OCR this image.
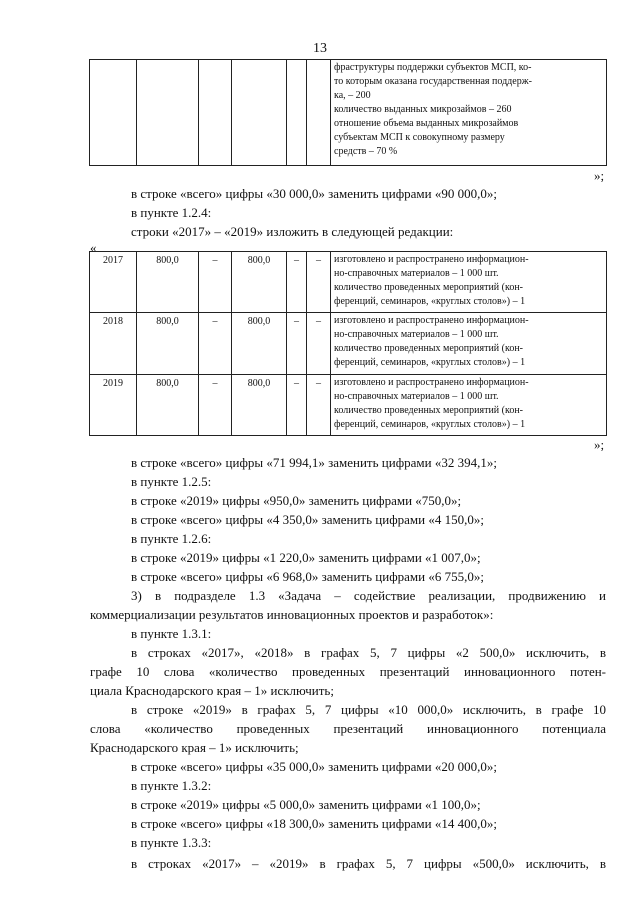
13

фраструктуры поддержки субъектов МСП, ко-
то которым оказана государственная поддерж-
ка, – 200
количество выданных микрозаймов – 260
отношение объема выданных микрозаймов
субъектам МСП к совокупному размеру
средств – 70 %
»;
в строке «всего» цифры «30 000,0» заменить цифрами «90 000,0»;
в пункте 1.2.4:
строки «2017» – «2019» изложить в следующей редакции:
«
2017	800,0	–	800,0	–	–	изготовлено и распространено информацион-
но-справочных материалов – 1 000 шт.
количество проведенных мероприятий (кон-
ференций, семинаров, «круглых столов») – 1

2018	800,0	–	800,0	–	–	изготовлено и распространено информацион-
но-справочных материалов – 1 000 шт.
количество проведенных мероприятий (кон-
ференций, семинаров, «круглых столов») – 1

2019	800,0	–	800,0	–	–	изготовлено и распространено информацион-
но-справочных материалов – 1 000 шт.
количество проведенных мероприятий (кон-
ференций, семинаров, «круглых столов») – 1
»;
в строке «всего» цифры «71 994,1» заменить цифрами «32 394,1»;
в пункте 1.2.5:
в строке «2019» цифры «950,0» заменить цифрами «750,0»;
в строке «всего» цифры «4 350,0» заменить цифрами «4 150,0»;
в пункте 1.2.6:
в строке «2019» цифры «1 220,0» заменить цифрами «1 007,0»;
в строке «всего» цифры «6 968,0» заменить цифрами «6 755,0»;
3) в подразделе 1.3 «Задача – содействие реализации, продвижению и
коммерциализации результатов инновационных проектов и разработок»:
в пункте 1.3.1:
в строках «2017», «2018» в графах 5, 7 цифры «2 500,0» исключить, в
графе 10 слова «количество проведенных презентаций инновационного потен-
циала Краснодарского края – 1» исключить;
в строке «2019» в графах 5, 7 цифры «10 000,0» исключить, в графе 10
слова «количество проведенных презентаций инновационного потенциала
Краснодарского края – 1» исключить;
в строке «всего» цифры «35 000,0» заменить цифрами «20 000,0»;
в пункте 1.3.2:
в строке «2019» цифры «5 000,0» заменить цифрами «1 100,0»;
в строке «всего» цифры «18 300,0» заменить цифрами «14 400,0»;
в пункте 1.3.3:
в строках «2017» – «2019» в графах 5, 7 цифры «500,0» исключить, в
